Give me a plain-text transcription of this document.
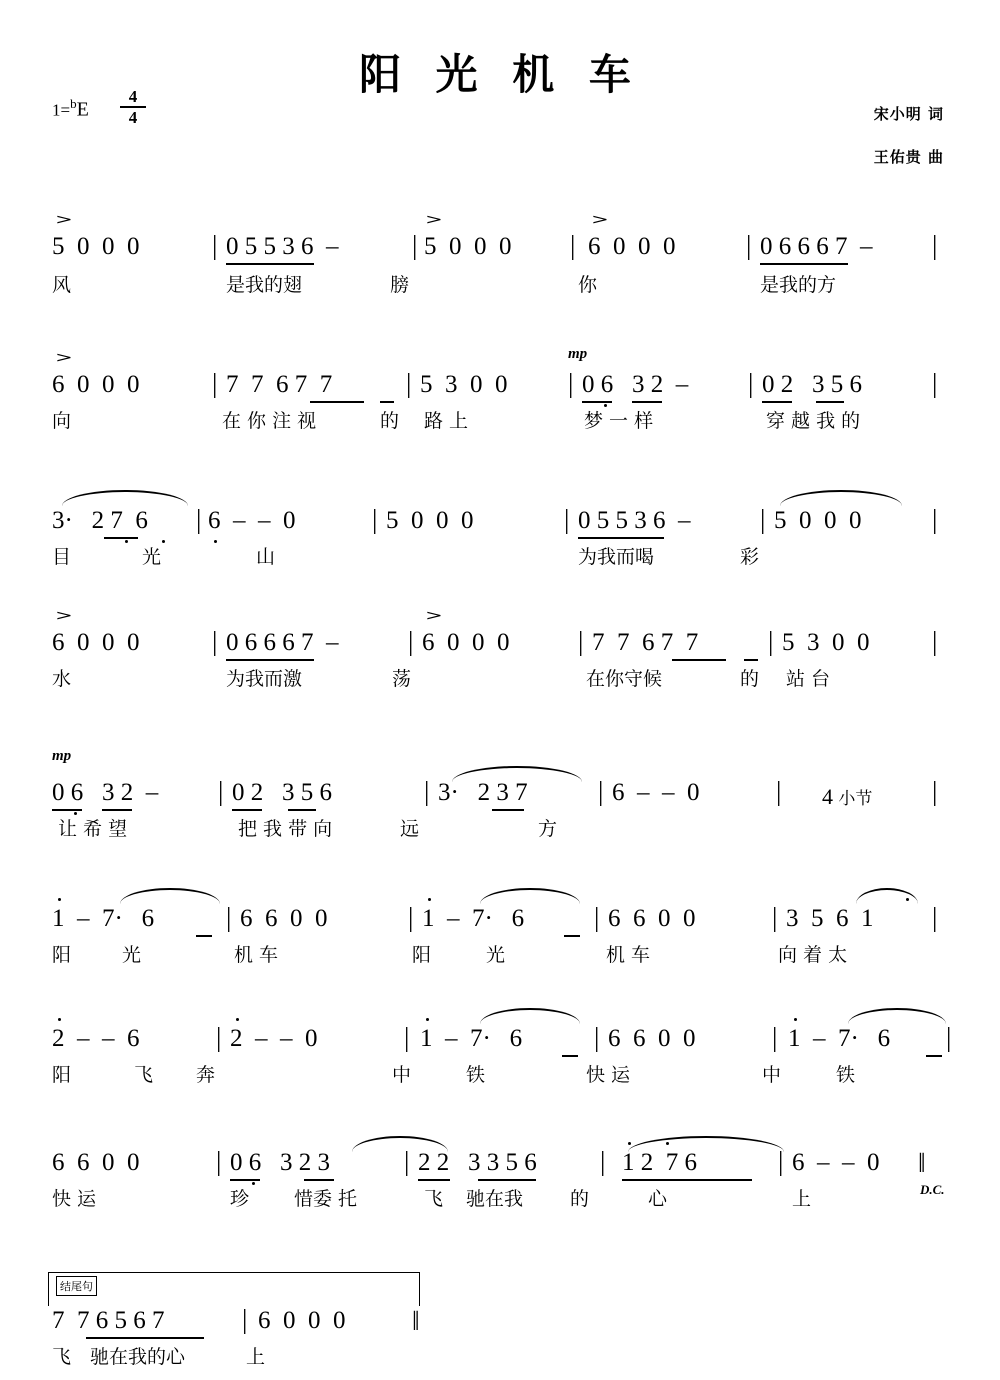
阳 光 机 车
$1=^bE \frac{4}{4}$	宋小明 词
王佑贵 曲
>	>	>
5  0  0  0	| 0 5 5 3 6  –	| 5  0  0  0 | 6  0  0  0	| 0 6 6 6 7  – |
风	是我的翅	膀	你	是我的方
mp
>
6  0  0  0	| 7  7  6 7  7	| 5  3  0  0 | 0 6   3 2  – | 0 2   3 5 6	|
向	在 你 注 视	的 路 上	梦 一 样	穿 越 我 的
3·   2 7  6 | 6  –  –  0	| 5  0  0  0	| 0 5 5 3 6  –	| 5  0  0  0	|
目	光	山	为我而喝	彩
>	>
6  0  0  0	| 0 6 6 6 7  –	| 6  0  0  0	| 7  7  6 7  7	| 5  3  0  0 |
水	为我而激	荡	在你守候	的 站 台
mp
0 6   3 2  – | 0 2   3 5 6	| 3·   2 3 7	| 6  –  –  0	| 4 小节 |
让 希 望	把 我 带 向	远	方
1  –  7·   6	| 6  6  0  0	| 1  –  7·   6	| 6  6  0  0	| 3  5  6  1 |
阳	光	机 车	阳	光	机 车	向 着 太
2  –  –  6	| 2  –  –  0	| 1  –  7·   6	| 6  6  0  0	| 1  –  7·   6 |
阳	飞 奔	中	铁	快 运	中	铁
6  6  0  0	| 0 6   3 2 3	| 2 2   3 3 5 6 | 1 2  7 6	| 6  –  –  0 ‖
D.C.
快 运	珍 惜委 托	飞 驰在我 的	心	上
结尾句
7  7 6 5 6 7	| 6  0  0  0 ‖
飞 驰在我的心	上
